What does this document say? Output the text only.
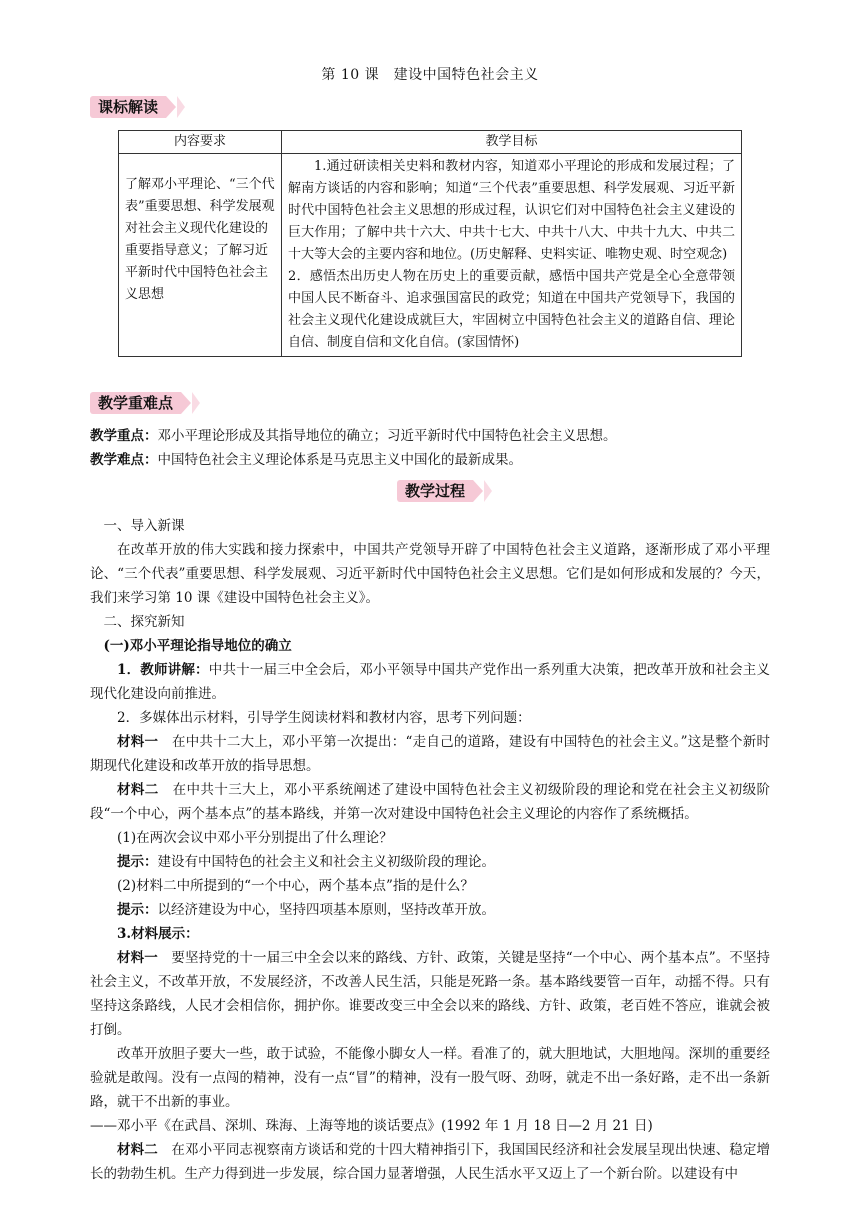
第 10 课　建设中国特色社会主义
课标解读
内容要求	教学目标
了解邓小平理论、“三个代表”重要思想、科学发展观对社会主义现代化建设的重要指导意义；了解习近平新时代中国特色社会主义思想	1.通过研读相关史料和教材内容，知道邓小平理论的形成和发展过程；了解南方谈话的内容和影响；知道“三个代表”重要思想、科学发展观、习近平新时代中国特色社会主义思想的形成过程，认识它们对中国特色社会主义建设的巨大作用；了解中共十六大、中共十七大、中共十八大、中共十九大、中共二十大等大会的主要内容和地位。(历史解释、史料实证、唯物史观、时空观念)
2．感悟杰出历史人物在历史上的重要贡献，感悟中国共产党是全心全意带领中国人民不断奋斗、追求强国富民的政党；知道在中国共产党领导下，我国的社会主义现代化建设成就巨大，牢固树立中国特色社会主义的道路自信、理论自信、制度自信和文化自信。(家国情怀)
教学重难点

教学重点：邓小平理论形成及其指导地位的确立；习近平新时代中国特色社会主义思想。

教学难点：中国特色社会主义理论体系是马克思主义中国化的最新成果。

教学过程

一、导入新课

在改革开放的伟大实践和接力探索中，中国共产党领导开辟了中国特色社会主义道路，逐渐形成了邓小平理论、“三个代表”重要思想、科学发展观、习近平新时代中国特色社会主义思想。它们是如何形成和发展的？今天，我们来学习第 10 课《建设中国特色社会主义》。

二、探究新知

(一)邓小平理论指导地位的确立

1．教师讲解：中共十一届三中全会后，邓小平领导中国共产党作出一系列重大决策，把改革开放和社会主义现代化建设向前推进。

2．多媒体出示材料，引导学生阅读材料和教材内容，思考下列问题：

材料一　在中共十二大上，邓小平第一次提出：“走自己的道路，建设有中国特色的社会主义。”这是整个新时期现代化建设和改革开放的指导思想。

材料二　在中共十三大上，邓小平系统阐述了建设中国特色社会主义初级阶段的理论和党在社会主义初级阶段“一个中心，两个基本点”的基本路线，并第一次对建设中国特色社会主义理论的内容作了系统概括。

(1)在两次会议中邓小平分别提出了什么理论？

提示：建设有中国特色的社会主义和社会主义初级阶段的理论。

(2)材料二中所提到的“一个中心，两个基本点”指的是什么？

提示：以经济建设为中心，坚持四项基本原则，坚持改革开放。

3.材料展示：

材料一　要坚持党的十一届三中全会以来的路线、方针、政策，关键是坚持“一个中心、两个基本点”。不坚持社会主义，不改革开放，不发展经济，不改善人民生活，只能是死路一条。基本路线要管一百年，动摇不得。只有坚持这条路线，人民才会相信你，拥护你。谁要改变三中全会以来的路线、方针、政策，老百姓不答应，谁就会被打倒。

改革开放胆子要大一些，敢于试验，不能像小脚女人一样。看准了的，就大胆地试，大胆地闯。深圳的重要经验就是敢闯。没有一点闯的精神，没有一点“冒”的精神，没有一股气呀、劲呀，就走不出一条好路，走不出一条新路，就干不出新的事业。

——邓小平《在武昌、深圳、珠海、上海等地的谈话要点》(1992 年 1 月 18 日—2 月 21 日)

材料二　在邓小平同志视察南方谈话和党的十四大精神指引下，我国国民经济和社会发展呈现出快速、稳定增长的勃勃生机。生产力得到进一步发展，综合国力显著增强，人民生活水平又迈上了一个新台阶。以建设有中
